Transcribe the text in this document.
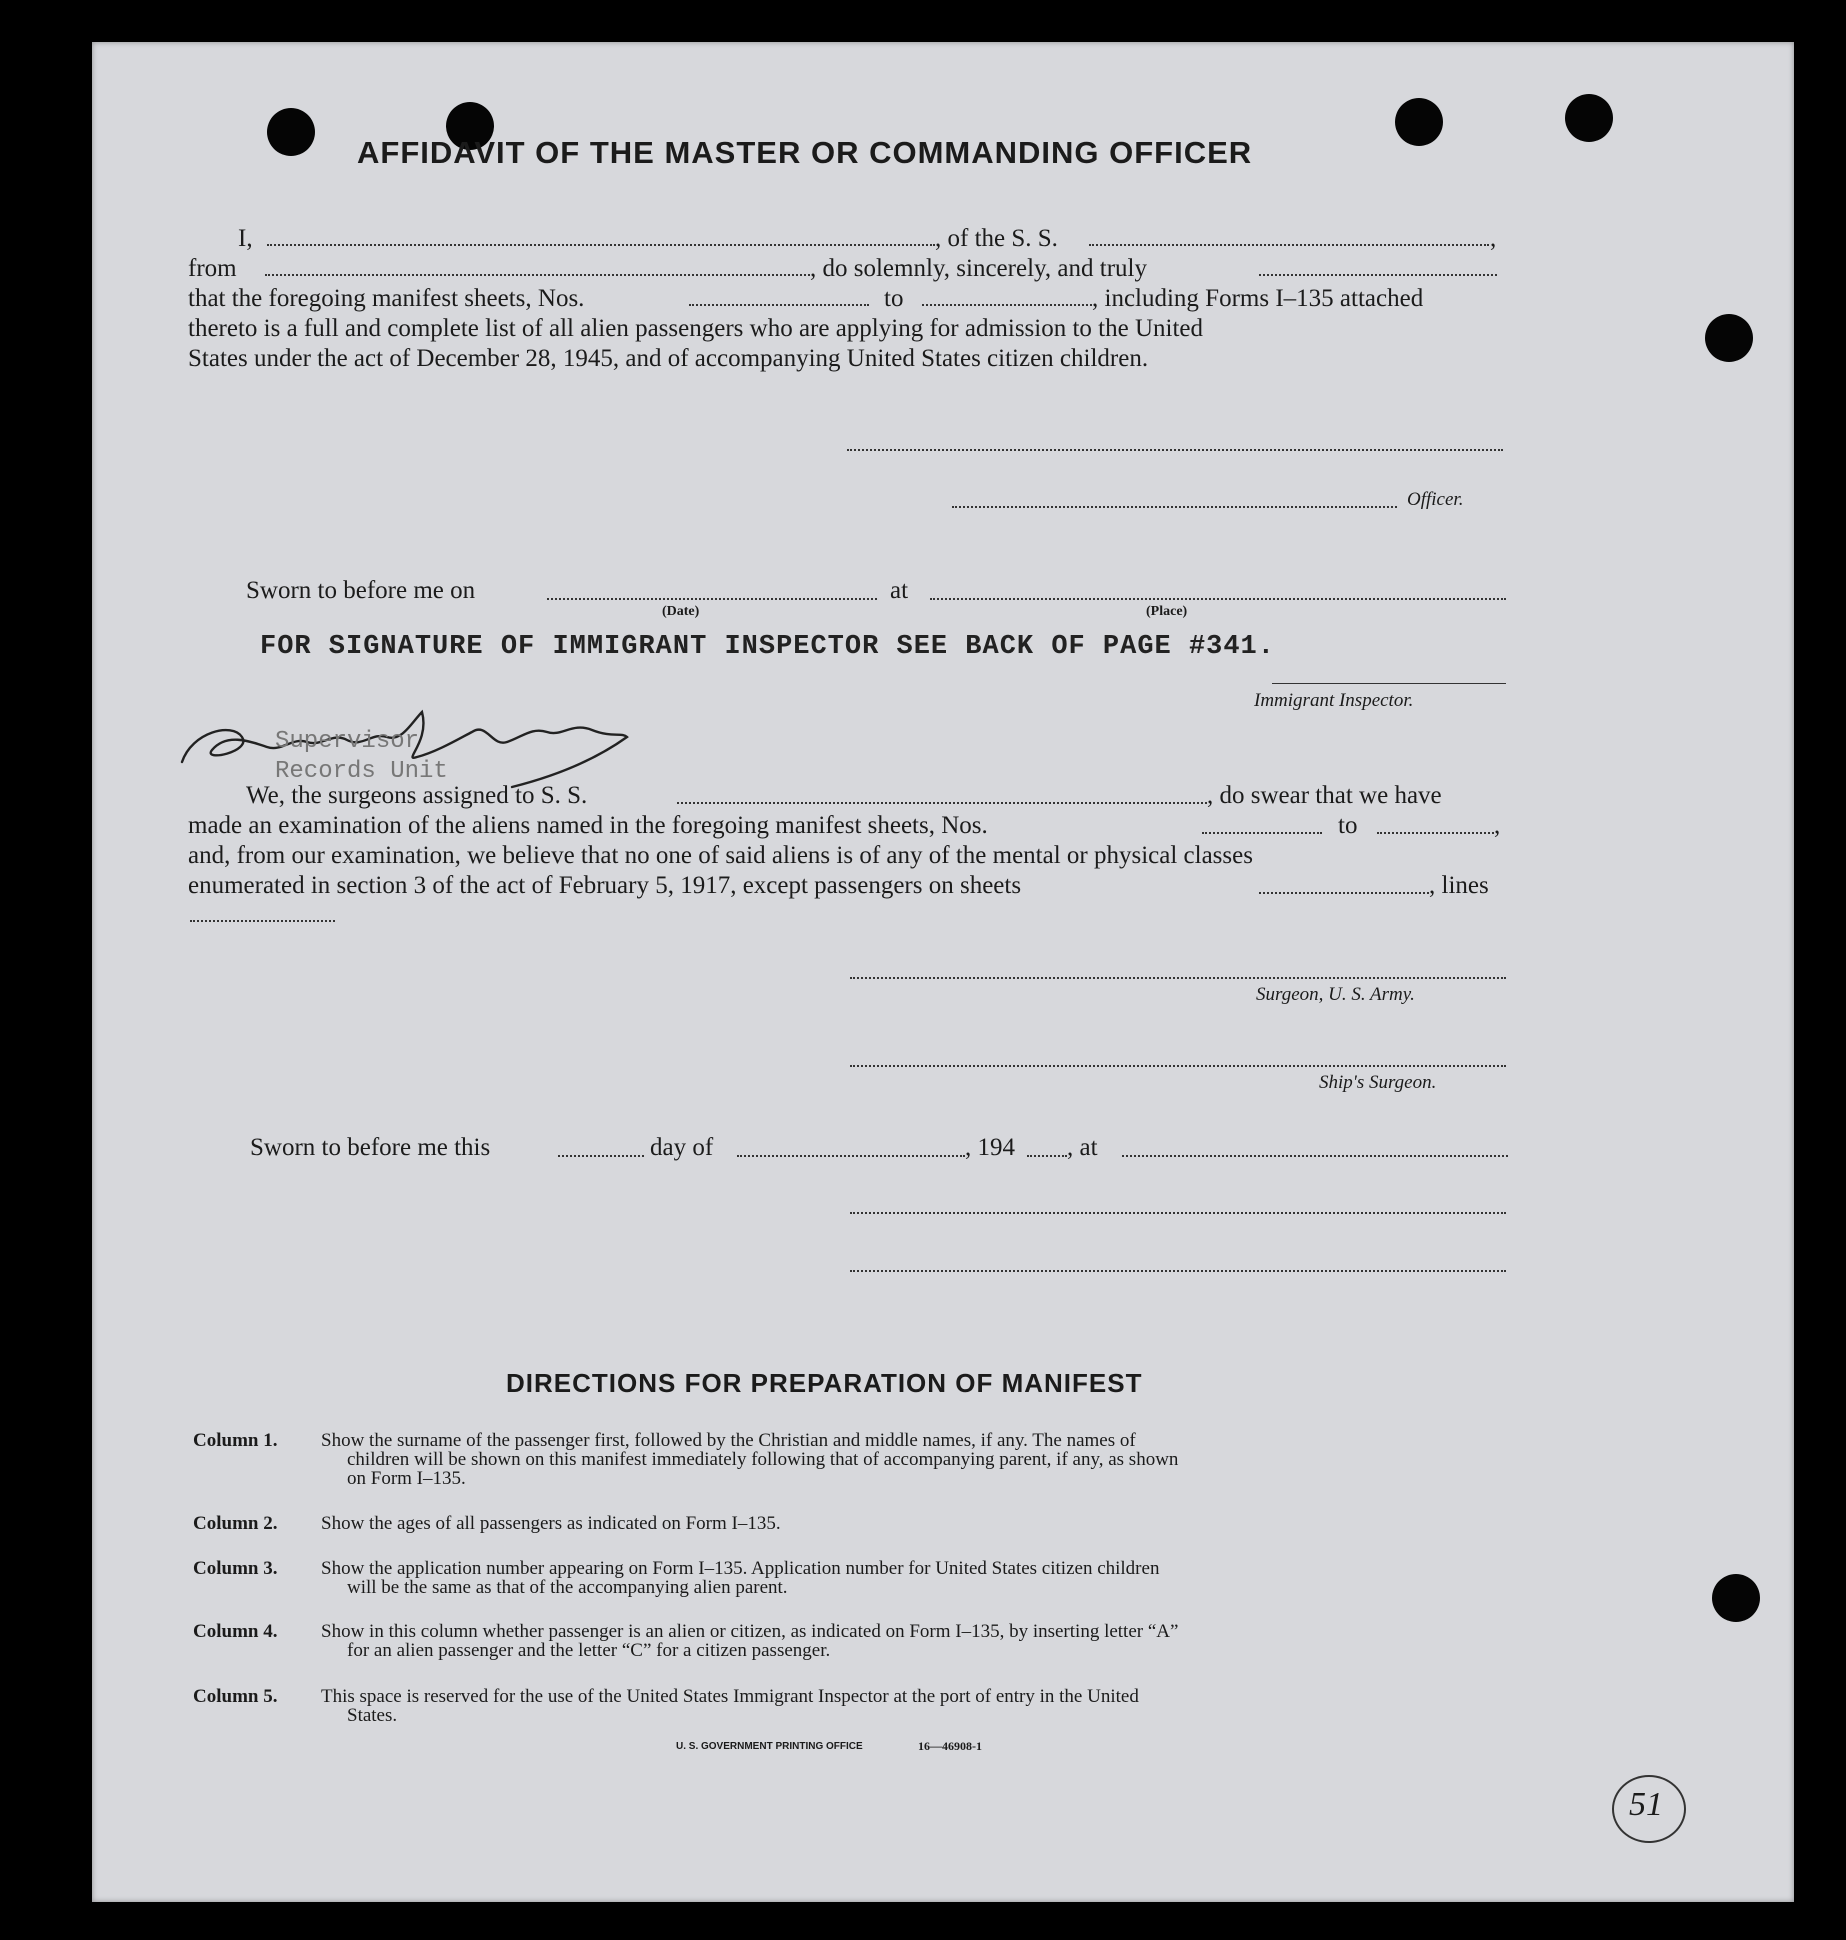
AFFIDAVIT OF THE MASTER OR COMMANDING OFFICER
I,	, of the S. S.	,
from	, do solemnly, sincerely, and truly
that the foregoing manifest sheets, Nos.	to	, including Forms I–135 attached
thereto is a full and complete list of all alien passengers who are applying for admission to the United
States under the act of December 28, 1945, and of accompanying United States citizen children.
Officer.
Sworn to before me on	at
(Date)	(Place)
FOR SIGNATURE OF IMMIGRANT INSPECTOR SEE BACK OF PAGE #341.
Immigrant Inspector.
Supervisor
Records Unit
We, the surgeons assigned to S. S.	, do swear that we have
made an examination of the aliens named in the foregoing manifest sheets, Nos.	to	,
and, from our examination, we believe that no one of said aliens is of any of the mental or physical classes
enumerated in section 3 of the act of February 5, 1917, except passengers on sheets	, lines
Surgeon, U. S. Army.
Ship's Surgeon.
Sworn to before me this	day of	, 194 , at
DIRECTIONS FOR PREPARATION OF MANIFEST
Column 1. Show the surname of the passenger first, followed by the Christian and middle names, if any. The names of
children will be shown on this manifest immediately following that of accompanying parent, if any, as shown
on Form I–135.
Column 2. Show the ages of all passengers as indicated on Form I–135.
Column 3. Show the application number appearing on Form I–135. Application number for United States citizen children
will be the same as that of the accompanying alien parent.
Column 4. Show in this column whether passenger is an alien or citizen, as indicated on Form I–135, by inserting letter “A”
for an alien passenger and the letter “C” for a citizen passenger.
Column 5. This space is reserved for the use of the United States Immigrant Inspector at the port of entry in the United
States.
U. S. GOVERNMENT PRINTING OFFICE	16—46908-1
51
